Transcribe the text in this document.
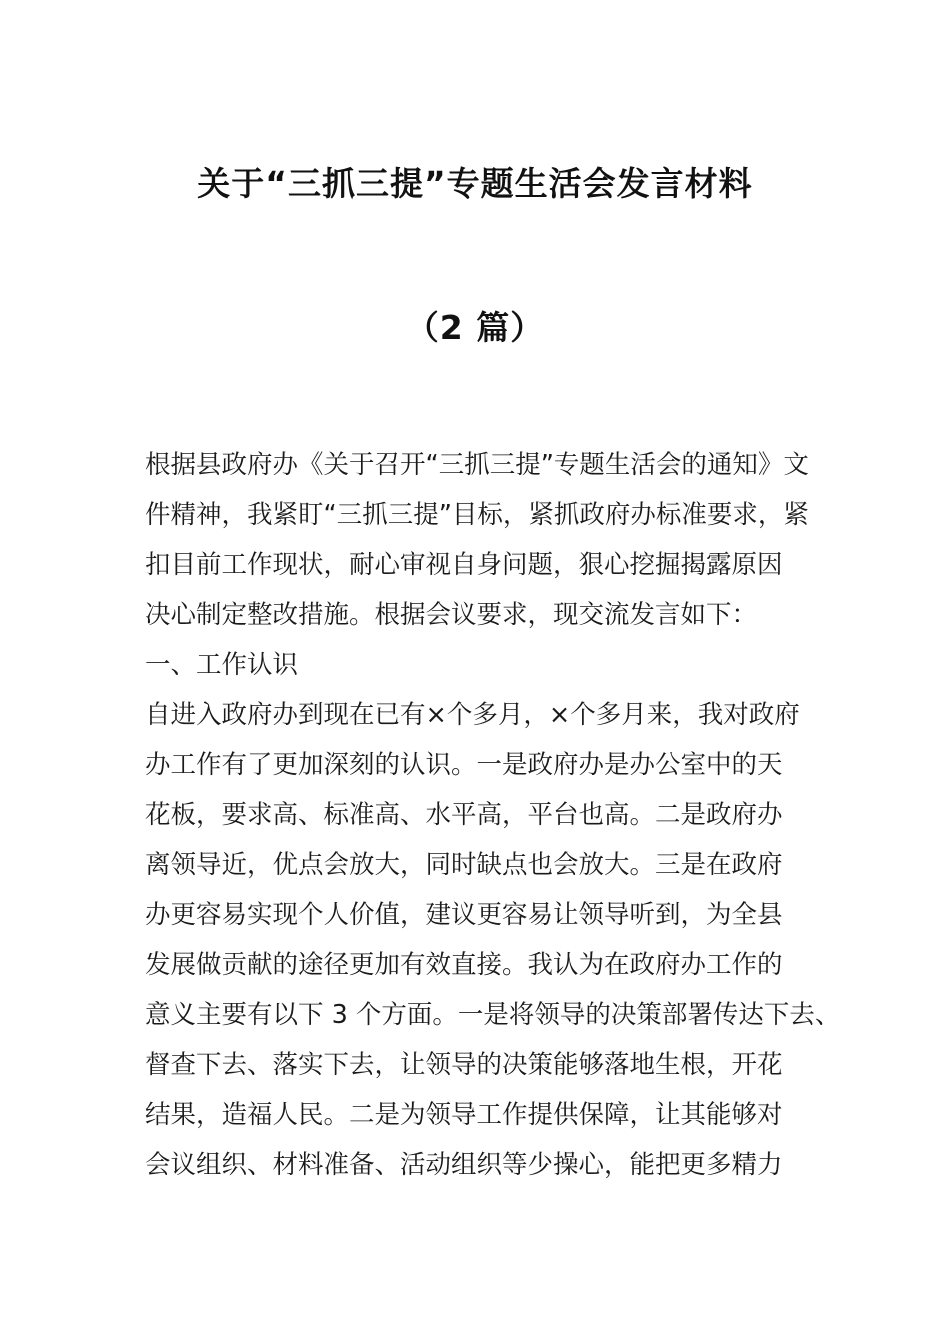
关于“三抓三提”专题生活会发言材料
（2 篇）
根据县政府办《关于召开“三抓三提”专题生活会的通知》文
件精神，我紧盯“三抓三提”目标，紧抓政府办标准要求，紧
扣目前工作现状，耐心审视自身问题，狠心挖掘揭露原因
决心制定整改措施。根据会议要求，现交流发言如下：
一、工作认识
自进入政府办到现在已有×个多月，×个多月来，我对政府
办工作有了更加深刻的认识。一是政府办是办公室中的天
花板，要求高、标准高、水平高，平台也高。二是政府办
离领导近，优点会放大，同时缺点也会放大。三是在政府
办更容易实现个人价值，建议更容易让领导听到，为全县
发展做贡献的途径更加有效直接。我认为在政府办工作的
意义主要有以下 3 个方面。一是将领导的决策部署传达下去、
督查下去、落实下去，让领导的决策能够落地生根，开花
结果，造福人民。二是为领导工作提供保障，让其能够对
会议组织、材料准备、活动组织等少操心，能把更多精力
